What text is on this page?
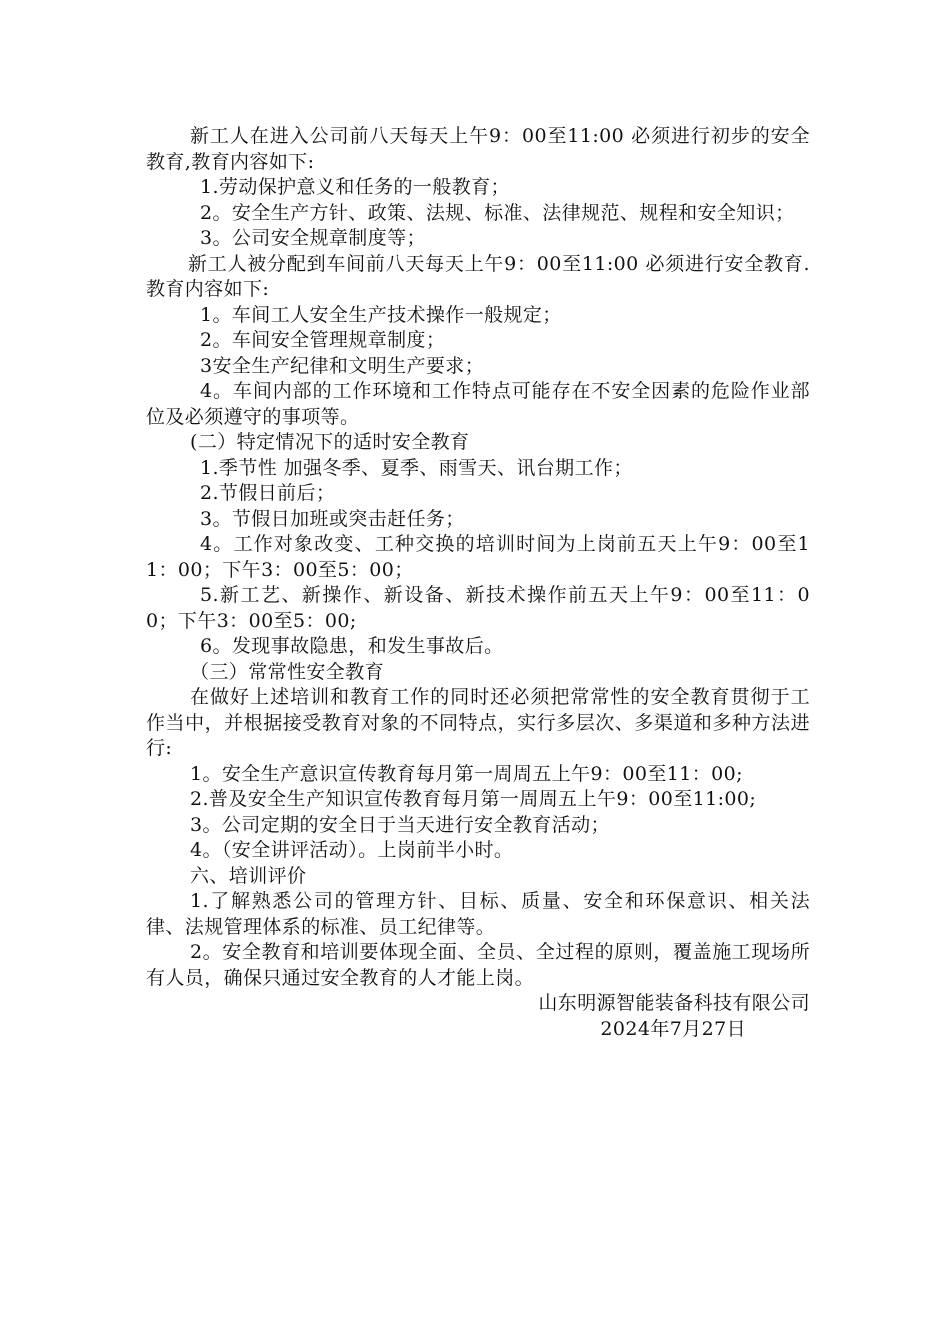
新工人在进入公司前八天每天上午9：00至11:00 必须进行初步的安全教育,教育内容如下:

1.劳动保护意义和任务的一般教育；

2。安全生产方针、政策、法规、标准、法律规范、规程和安全知识；

3。公司安全规章制度等；

新工人被分配到车间前八天每天上午9：00至11:00 必须进行安全教育.教育内容如下:

1。车间工人安全生产技术操作一般规定；

2。车间安全管理规章制度；

3安全生产纪律和文明生产要求；

4。车间内部的工作环境和工作特点可能存在不安全因素的危险作业部位及必须遵守的事项等。

(二）特定情况下的适时安全教育

1.季节性 加强冬季、夏季、雨雪天、讯台期工作；

2.节假日前后；

3。节假日加班或突击赶任务；

4。工作对象改变、工种交换的培训时间为上岗前五天上午9：00至11：00；下午3：00至5：00；

5.新工艺、新操作、新设备、新技术操作前五天上午9：00至11：00；下午3：00至5：00;

6。发现事故隐患，和发生事故后。

（三）常常性安全教育

在做好上述培训和教育工作的同时还必须把常常性的安全教育贯彻于工作当中，并根据接受教育对象的不同特点，实行多层次、多渠道和多种方法进行:

1。安全生产意识宣传教育每月第一周周五上午9：00至11：00;

2.普及安全生产知识宣传教育每月第一周周五上午9：00至11:00;

3。公司定期的安全日于当天进行安全教育活动；

4。（安全讲评活动）。上岗前半小时。

六、培训评价

1.了解熟悉公司的管理方针、目标、质量、安全和环保意识、相关法律、法规管理体系的标准、员工纪律等。

2。安全教育和培训要体现全面、全员、全过程的原则，覆盖施工现场所有人员，确保只通过安全教育的人才能上岗。

山东明源智能装备科技有限公司

2024年7月27日
